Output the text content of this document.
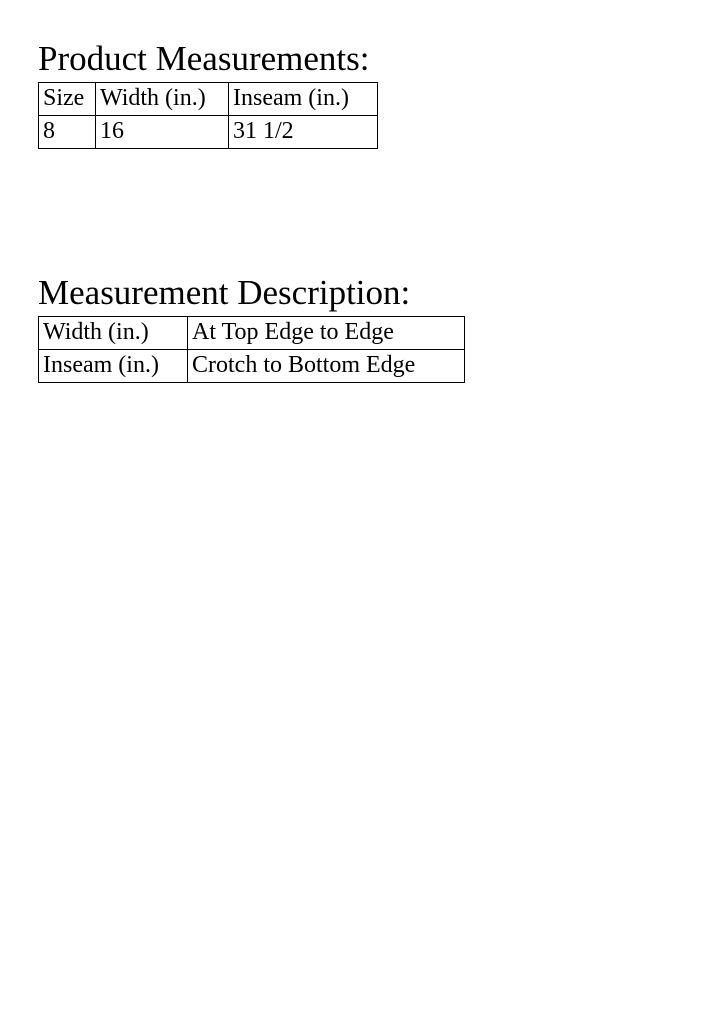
Product Measurements:
Size	Width (in.)	Inseam (in.)
8	16	31 1/2
Measurement Description:
Width (in.)	At Top Edge to Edge
Inseam (in.)	Crotch to Bottom Edge
